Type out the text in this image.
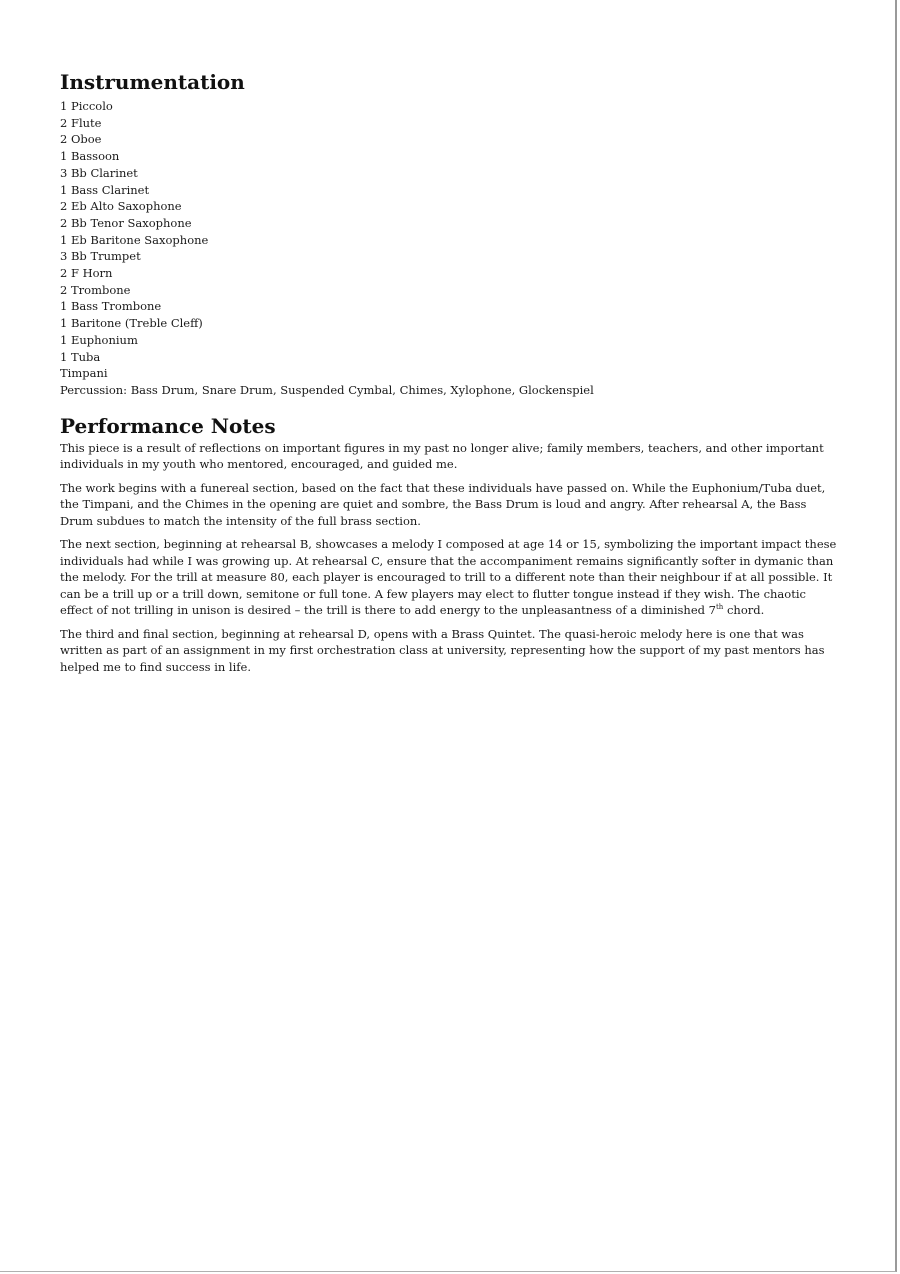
Instrumentation
1 Piccolo
2 Flute
2 Oboe
1 Bassoon
3 Bb Clarinet
1 Bass Clarinet
2 Eb Alto Saxophone
2 Bb Tenor Saxophone
1 Eb Baritone Saxophone
3 Bb Trumpet
2 F Horn
2 Trombone
1 Bass Trombone
1 Baritone (Treble Cleff)
1 Euphonium
1 Tuba
Timpani
Percussion: Bass Drum, Snare Drum, Suspended Cymbal, Chimes, Xylophone, Glockenspiel
Performance Notes

This piece is a result of reflections on important figures in my past no longer alive; family members, teachers, and other important individuals in my youth who mentored, encouraged, and guided me.

The work begins with a funereal section, based on the fact that these individuals have passed on. While the Euphonium/Tuba duet, the Timpani, and the Chimes in the opening are quiet and sombre, the Bass Drum is loud and angry. After rehearsal A, the Bass Drum subdues to match the intensity of the full brass section.

The next section, beginning at rehearsal B, showcases a melody I composed at age 14 or 15, symbolizing the important impact these individuals had while I was growing up. At rehearsal C, ensure that the accompaniment remains significantly softer in dymanic than the melody. For the trill at measure 80, each player is encouraged to trill to a different note than their neighbour if at all possible. It can be a trill up or a trill down, semitone or full tone. A few players may elect to flutter tongue instead if they wish. The chaotic effect of not trilling in unison is desired – the trill is there to add energy to the unpleasantness of a diminished 7th chord.

The third and final section, beginning at rehearsal D, opens with a Brass Quintet. The quasi-heroic melody here is one that was written as part of an assignment in my first orchestration class at university, representing how the support of my past mentors has helped me to find success in life.
